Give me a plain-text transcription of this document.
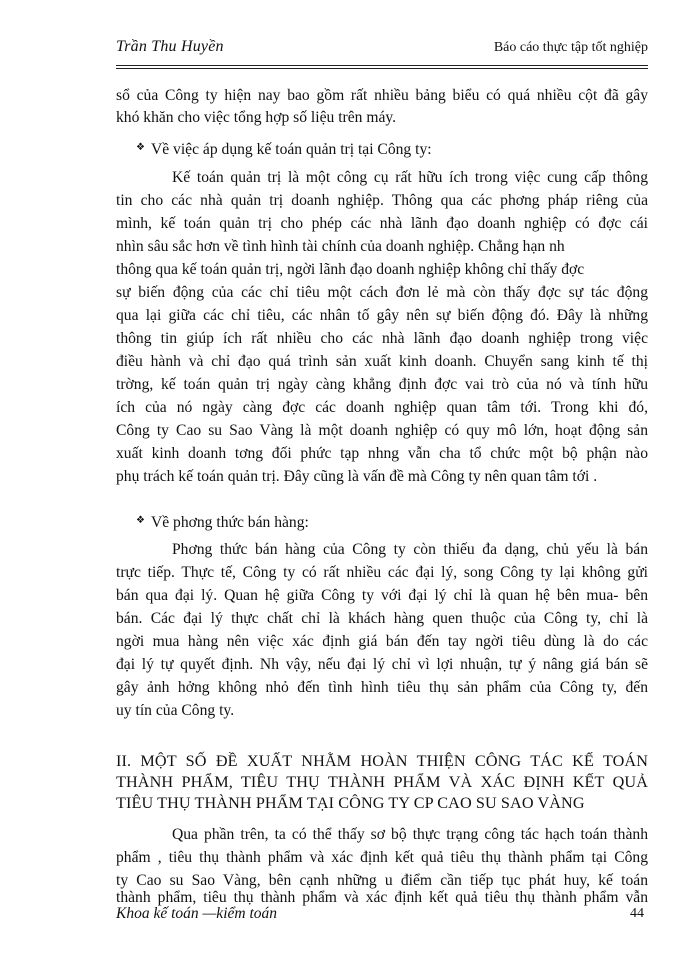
Trần Thu Huyền	Báo cáo thực tập tốt nghiệp
sổ của Công ty hiện nay bao gồm rất nhiều bảng biểu có quá nhiều cột đã gây
khó khăn cho việc tổng hợp số liệu trên máy.
❖ Về việc áp dụng kế toán quản trị tại Công ty:
Kế toán quản trị là một công cụ rất hữu ích trong việc cung cấp thông
tin cho các nhà quản trị doanh nghiệp. Thông qua các phơng pháp riêng của
mình, kế toán quản trị cho phép các nhà lãnh đạo doanh nghiệp có đợc cái
nhìn sâu sắc hơn về tình hình tài chính của doanh nghiệp. Chẳng hạn nh
thông qua kế toán quản trị, ngời lãnh đạo doanh nghiệp không chỉ thấy đợc
sự biến động của các chỉ tiêu một cách đơn lẻ mà còn thấy đợc sự tác động
qua lại giữa các chỉ tiêu, các nhân tố gây nên sự biến động đó. Đây là những
thông tin giúp ích rất nhiều cho các nhà lãnh đạo doanh nghiệp trong việc
điều hành và chỉ đạo quá trình sản xuất kinh doanh. Chuyển sang kinh tế thị
trờng, kế toán quản trị ngày càng khẳng định đợc vai trò của nó và tính hữu
ích của nó ngày càng đợc các doanh nghiệp quan tâm tới. Trong khi đó,
Công ty Cao su Sao Vàng là một doanh nghiệp có quy mô lớn, hoạt động sản
xuất kinh doanh tơng đối phức tạp nhng vẫn cha tổ chức một bộ phận nào
phụ trách kế toán quản trị. Đây cũng là vấn đề mà Công ty nên quan tâm tới .
❖ Về phơng thức bán hàng:
Phơng thức bán hàng của Công ty còn thiếu đa dạng, chủ yếu là bán
trực tiếp. Thực tế, Công ty có rất nhiều các đại lý, song Công ty lại không gửi
bán qua đại lý. Quan hệ giữa Công ty với đại lý chỉ là quan hệ bên mua- bên
bán. Các đại lý thực chất chỉ là khách hàng quen thuộc của Công ty, chỉ là
ngời mua hàng nên việc xác định giá bán đến tay ngời tiêu dùng là do các
đại lý tự quyết định. Nh vậy, nếu đại lý chỉ vì lợi nhuận, tự ý nâng giá bán sẽ
gây ảnh hởng không nhỏ đến tình hình tiêu thụ sản phẩm của Công ty, đến
uy tín của Công ty.
II. MỘT SỐ ĐỀ XUẤT NHẰM HOÀN THIỆN CÔNG TÁC KẾ TOÁN
THÀNH PHẨM, TIÊU THỤ THÀNH PHẨM VÀ XÁC ĐỊNH KẾT QUẢ
TIÊU THỤ THÀNH PHẨM TẠI CÔNG TY CP CAO SU SAO VÀNG
Qua phần trên, ta có thể thấy sơ bộ thực trạng công tác hạch toán thành
phẩm , tiêu thụ thành phẩm và xác định kết quả tiêu thụ thành phẩm tại Công
ty Cao su Sao Vàng, bên cạnh những u điểm cần tiếp tục phát huy, kế toán
thành phẩm, tiêu thụ thành phẩm và xác định kết quả tiêu thụ thành phẩm vẫn
Khoa kế toán —kiểm toán	44
